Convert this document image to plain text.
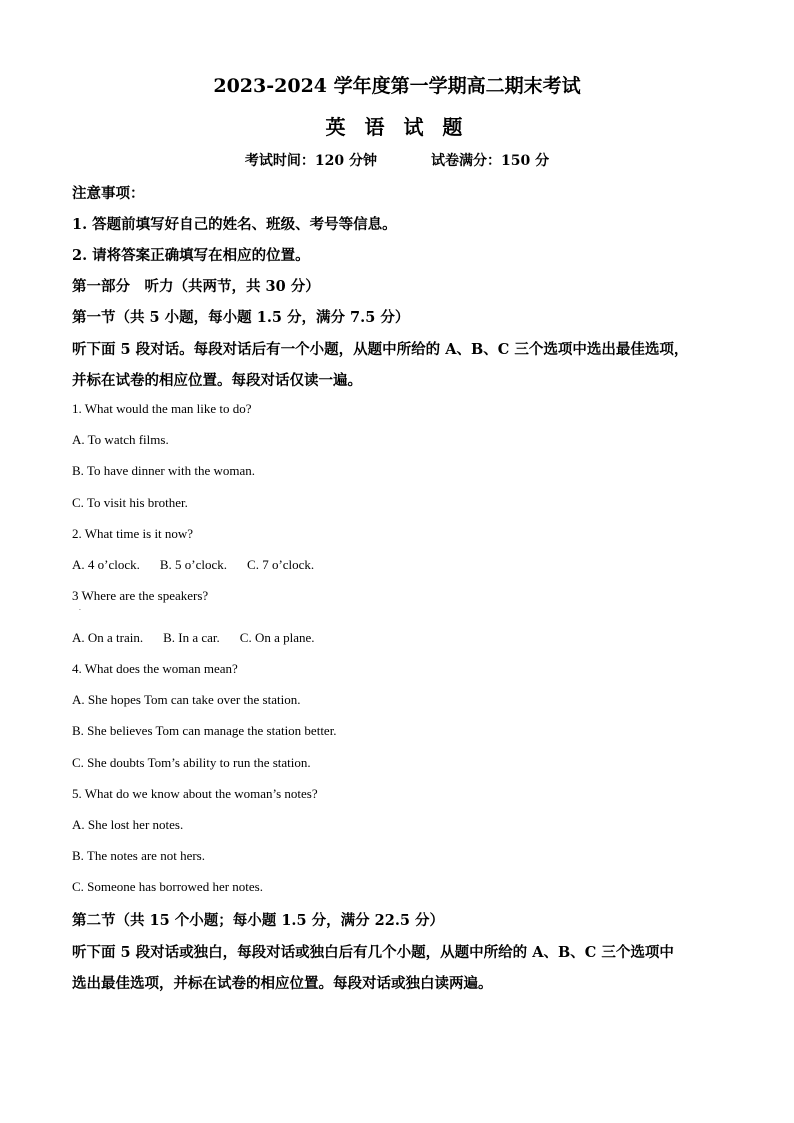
2023-2024 学年度第一学期高二期末考试
英 语 试 题
考试时间：120 分钟	试卷满分：150 分
注意事项：
1. 答题前填写好自己的姓名、班级、考号等信息。
2. 请将答案正确填写在相应的位置。
第一部分　听力（共两节，共 30 分）
第一节（共 5 小题，每小题 1.5 分，满分 7.5 分）
听下面 5 段对话。每段对话后有一个小题，从题中所给的 A、B、C 三个选项中选出最佳选项，
并标在试卷的相应位置。每段对话仅读一遍。
1. What would the man like to do?
A. To watch films.
B. To have dinner with the woman.
C. To visit his brother.
2. What time is it now?
A. 4 o’clock. B. 5 o’clock. C. 7 o’clock.
3 Where are the speakers?
·
A. On a train. B. In a car. C. On a plane.
4. What does the woman mean?
A. She hopes Tom can take over the station.
B. She believes Tom can manage the station better.
C. She doubts Tom’s ability to run the station.
5. What do we know about the woman’s notes?
A. She lost her notes.
B. The notes are not hers.
C. Someone has borrowed her notes.
第二节（共 15 个小题；每小题 1.5 分，满分 22.5 分）
听下面 5 段对话或独白，每段对话或独白后有几个小题，从题中所给的 A、B、C 三个选项中
选出最佳选项，并标在试卷的相应位置。每段对话或独白读两遍。
